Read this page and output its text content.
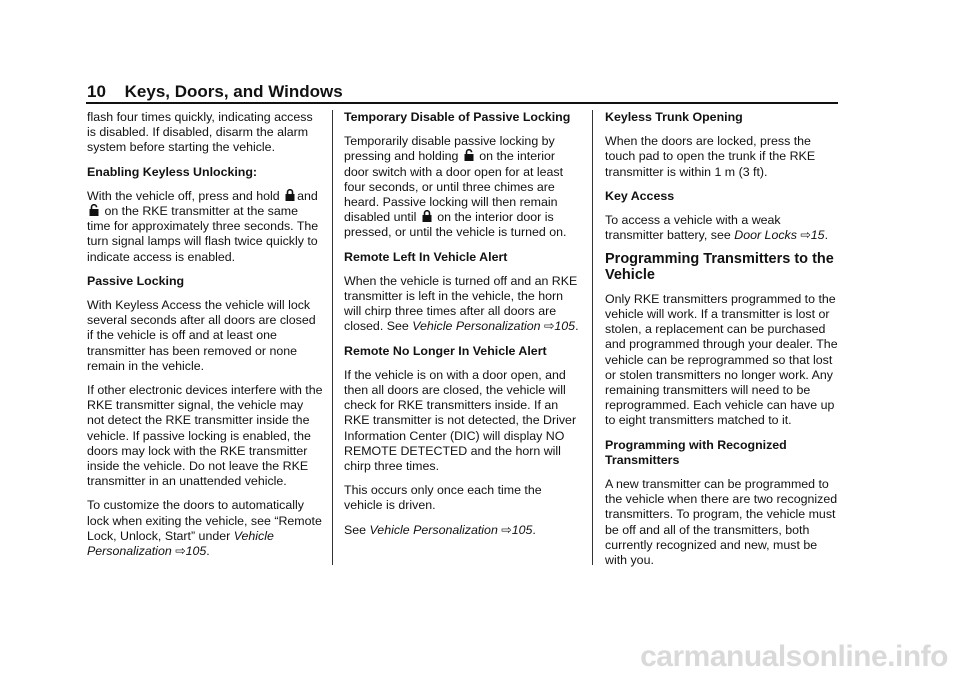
10 Keys, Doors, and Windows

flash four times quickly, indicating access is disabled. If disabled, disarm the alarm system before starting the vehicle.

Enabling Keyless Unlocking:

With the vehicle off, press and hold and
on the RKE transmitter at the same time for approximately three seconds. The turn signal lamps will flash twice quickly to indicate access is enabled.

Passive Locking

With Keyless Access the vehicle will lock several seconds after all doors are closed if the vehicle is off and at least one transmitter has been removed or none remain in the vehicle.

If other electronic devices interfere with the RKE transmitter signal, the vehicle may not detect the RKE transmitter inside the vehicle. If passive locking is enabled, the doors may lock with the RKE transmitter inside the vehicle. Do not leave the RKE transmitter in an unattended vehicle.

To customize the doors to automatically lock when exiting the vehicle, see “Remote Lock, Unlock, Start” under Vehicle Personalization ⇨105.

Temporary Disable of Passive Locking

Temporarily disable passive locking by pressing and holding on the interior door switch with a door open for at least four seconds, or until three chimes are heard. Passive locking will then remain disabled until on the interior door is pressed, or until the vehicle is turned on.

Remote Left In Vehicle Alert

When the vehicle is turned off and an RKE transmitter is left in the vehicle, the horn will chirp three times after all doors are closed. See Vehicle Personalization ⇨105.

Remote No Longer In Vehicle Alert

If the vehicle is on with a door open, and then all doors are closed, the vehicle will check for RKE transmitters inside. If an RKE transmitter is not detected, the Driver Information Center (DIC) will display NO REMOTE DETECTED and the horn will chirp three times.

This occurs only once each time the vehicle is driven.

See Vehicle Personalization ⇨105.

Keyless Trunk Opening

When the doors are locked, press the touch pad to open the trunk if the RKE transmitter is within 1 m (3 ft).

Key Access

To access a vehicle with a weak transmitter battery, see Door Locks ⇨15.

Programming Transmitters to the Vehicle

Only RKE transmitters programmed to the vehicle will work. If a transmitter is lost or stolen, a replacement can be purchased and programmed through your dealer. The vehicle can be reprogrammed so that lost or stolen transmitters no longer work. Any remaining transmitters will need to be reprogrammed. Each vehicle can have up to eight transmitters matched to it.

Programming with Recognized Transmitters

A new transmitter can be programmed to the vehicle when there are two recognized transmitters. To program, the vehicle must be off and all of the transmitters, both currently recognized and new, must be with you.

carmanualsonline.info
